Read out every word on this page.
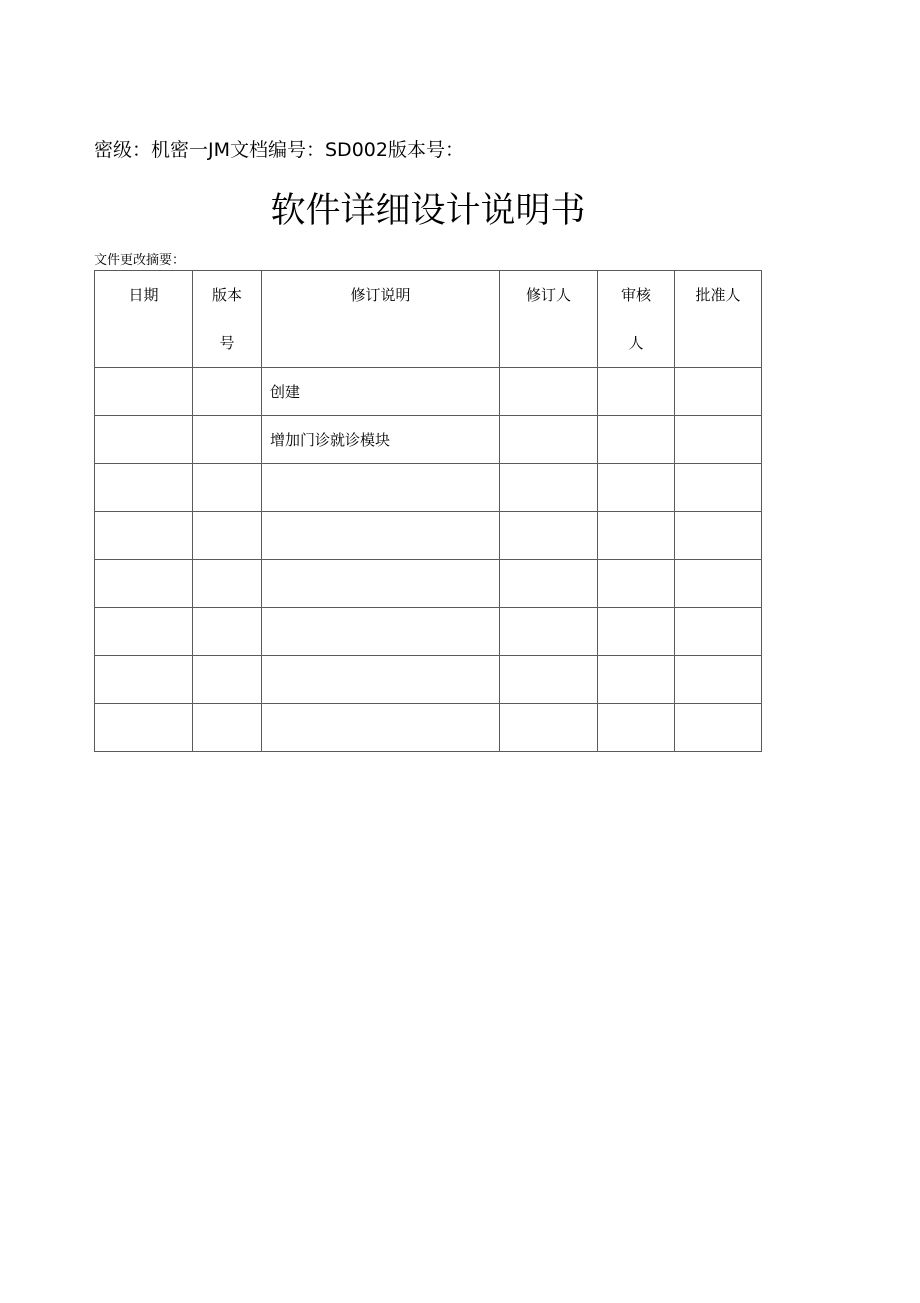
密级：机密一JM文档编号：SD002版本号：
软件详细设计说明书
文件更改摘要：
日期	版本号	修订说明	修订人	审核人	批准人
		创建			
		增加门诊就诊模块			
